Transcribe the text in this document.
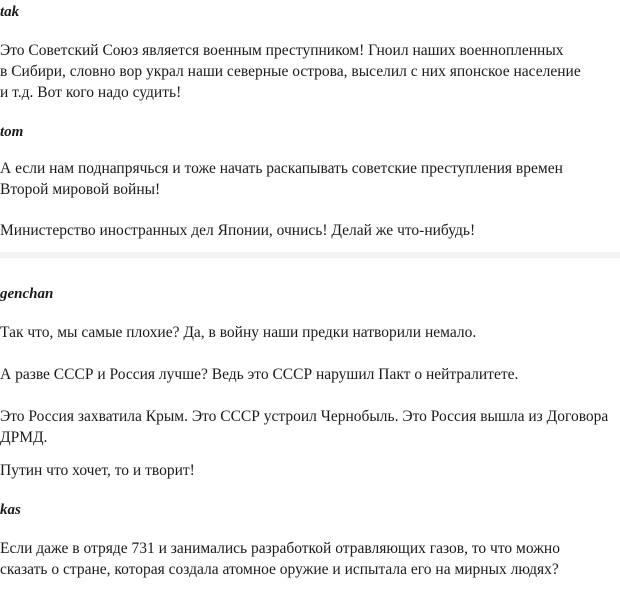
tak

Это Советский Союз является военным преступником! Гноил наших военнопленных
в Сибири, словно вор украл наши северные острова, выселил с них японское население
и т.д. Вот кого надо судить!

tom

А если нам поднапрячься и тоже начать раскапывать советские преступления времен
Второй мировой войны!

Министерство иностранных дел Японии, очнись! Делай же что-нибудь!

genchan

Так что, мы самые плохие? Да, в войну наши предки натворили немало.

А разве СССР и Россия лучше? Ведь это СССР нарушил Пакт о нейтралитете.

Это Россия захватила Крым. Это СССР устроил Чернобыль. Это Россия вышла из Договора
ДРМД.

Путин что хочет, то и творит!

kas

Если даже в отряде 731 и занимались разработкой отравляющих газов, то что можно
сказать о стране, которая создала атомное оружие и испытала его на мирных людях?
